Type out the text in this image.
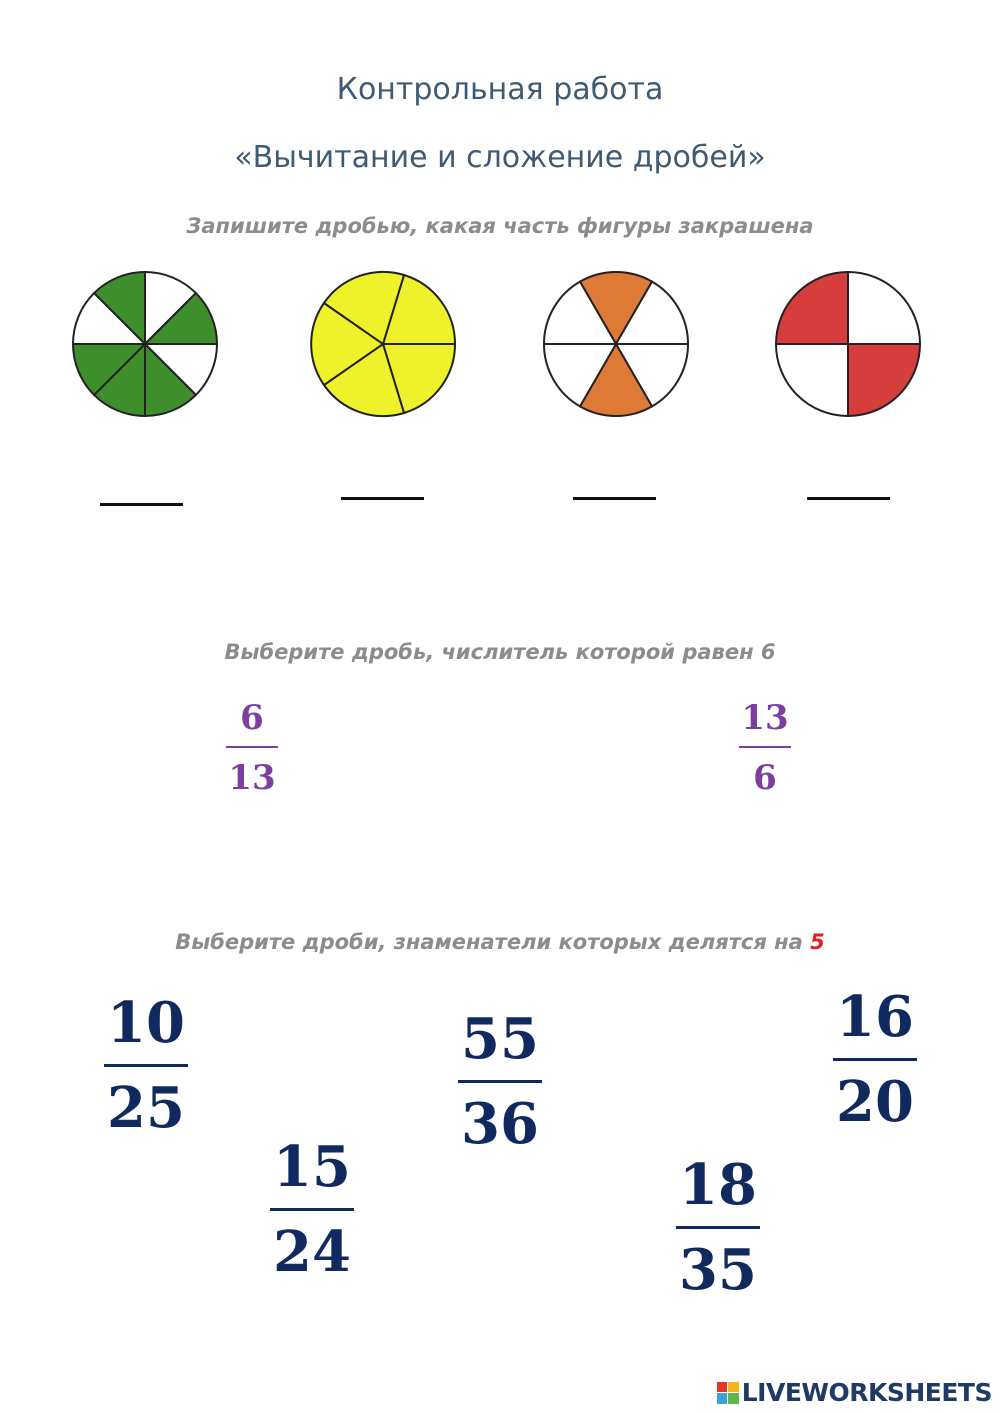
Контрольная работа
«Вычитание и сложение дробей»
Запишите дробью, какая часть фигуры закрашена
Выберите дробь, числитель которой равен 6
6
13
13
6
Выберите дроби, знаменатели которых делятся на 5
10
25
15
24
55
36
18
35
16
20
LIVEWORKSHEETS
